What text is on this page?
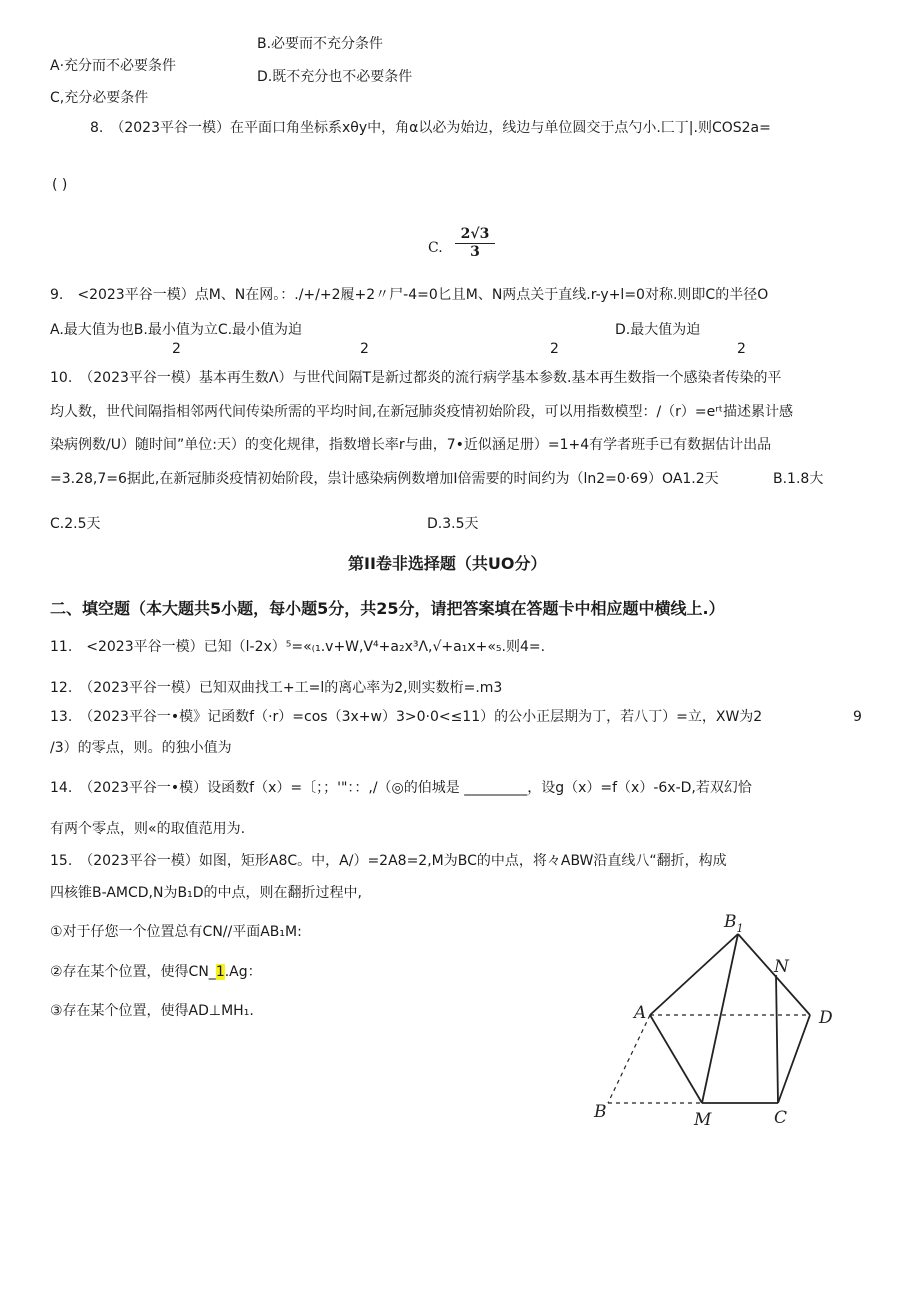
B.必要而不充分条件
A·充分而不必要条件
D.既不充分也不必要条件
C,充分必要条件
8.　（2023平谷一模）在平面口角坐标系xθy中，角α以必为始边，线边与单位圆交于点勺小.匚丁|.则COS2a=
( )
C. $\frac{2√3}{3}$
9.　<2023平谷一模）点M、N在网。：./+/+2履+2〃尸-4=0匕且M、N两点关于直线.r-y+l=0对称.则即C的半径O
A.最大值为也B.最小值为立C.最小值为迫	D.最大值为迫
2	2	2	2
10.　（2023平谷一模）基本再生数Λ）与世代间隔T是新过都炎的流行病学基本参数.基本再生数指一个感染者传染的平
均人数，世代间隔指相邻两代间传染所需的平均时间,在新冠肺炎疫情初始阶段，可以用指数模型：/（r）=eʳᵗ描述累计感
染病例数/U）随时间”单位:天）的变化规律，指数增长率r与曲，7•近似涵足册）=1+4有学者班手已有数据估计出品
=3.28,7=6据此,在新冠肺炎疫情初始阶段，祟计感染病例数增加I倍需要的时间约为（ln2=0·69）OA1.2天	B.1.8大
C.2.5天	D.3.5天
第II卷非选择题（共UO分）
二、填空题（本大题共5小题，每小题5分，共25分，请把答案填在答题卡中相应题中横线上.）
11.　<2023平谷一模）已知（l-2x）⁵=«₍₁.v+W,V⁴+a₂x³Λ,√+a₁x+«₅.则4=.
12.　（2023平谷一模）已知双曲找工+工=l的离心率为2,则实数桁=.m3
13.　（2023平谷一•模》记函数f（·r）=cos（3x+w）3>0·0<≤11）的公小正层期为丁，若八丁）=立，XW为2	9
/3）的零点，则。的独小值为
14.　（2023平谷一•模）设函数f（x）=〔；；'"：：,/（◎的伯城是 _________，设g（x）=f（x）-6x-D,若双幻恰
有两个零点，则«的取值范用为.
15.　（2023平谷一模）如图，矩形A8C。中，A/）=2A8=2,M为BC的中点，将々ABW沿直线八“翻折，构成
四核锥B-AMCD,N为B₁D的中点，则在翻折过程中,
①对于仔您一个位置总有CN//平面AB₁M:
②存在某个位置，使得CN_1.Ag：
③存在某个位置，使得AD⊥MH₁.
$B_1$
N
A	D
B	M	C
